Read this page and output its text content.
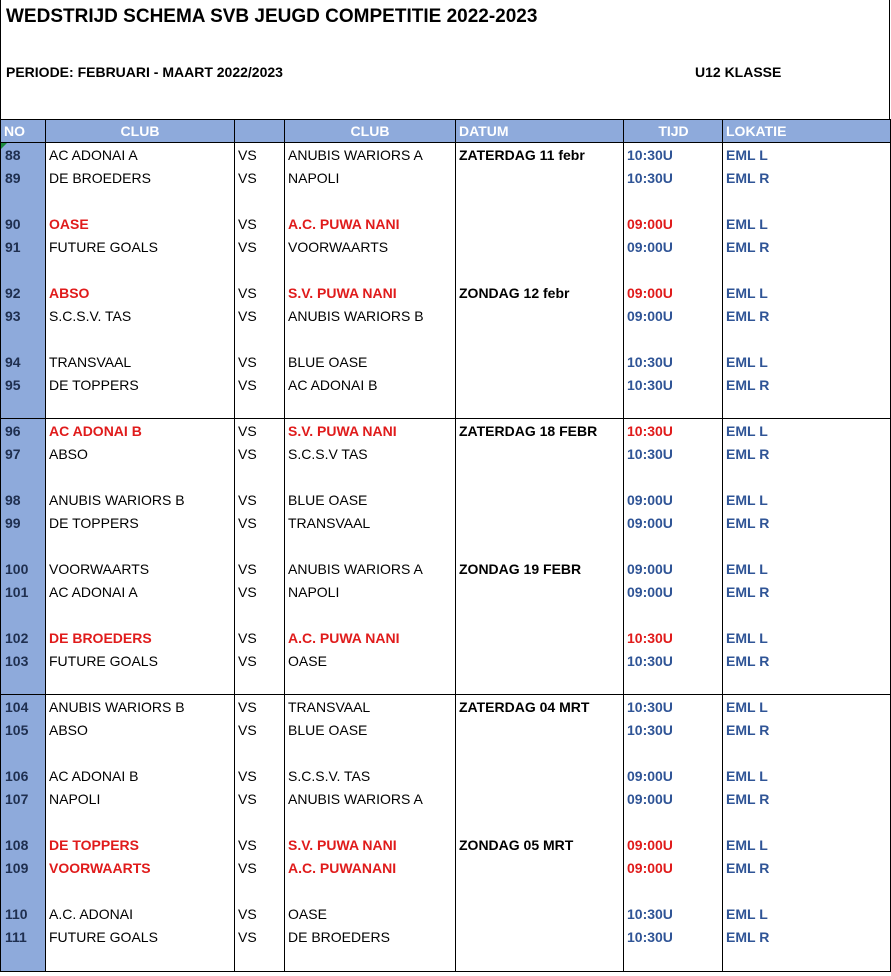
WEDSTRIJD SCHEMA SVB JEUGD COMPETITIE 2022-2023
PERIODE: FEBRUARI - MAART 2022/2023	U12 KLASSE
NO	CLUB	CLUB	DATUM	TIJD	LOKATIE
88 AC ADONAI A	VS ANUBIS WARIORS A	ZATERDAG 11 febr	10:30U	EML L
89 DE BROEDERS	VS NAPOLI	10:30U	EML R
90 OASE	VS A.C. PUWA NANI	09:00U	EML L
91 FUTURE GOALS	VS VOORWAARTS	09:00U	EML R
92 ABSO	VS S.V. PUWA NANI	ZONDAG 12 febr	09:00U	EML L
93 S.C.S.V. TAS	VS ANUBIS WARIORS B	09:00U	EML R
94 TRANSVAAL	VS BLUE OASE	10:30U	EML L
95 DE TOPPERS	VS AC ADONAI B	10:30U	EML R
96 AC ADONAI B	VS S.V. PUWA NANI	ZATERDAG 18 FEBR 10:30U	EML L
97 ABSO	VS S.C.S.V TAS	10:30U	EML R
98 ANUBIS WARIORS B	VS BLUE OASE	09:00U	EML L
99 DE TOPPERS	VS TRANSVAAL	09:00U	EML R
100 VOORWAARTS	VS ANUBIS WARIORS A	ZONDAG 19 FEBR	09:00U	EML L
101 AC ADONAI A	VS NAPOLI	09:00U	EML R
102 DE BROEDERS	VS A.C. PUWA NANI	10:30U	EML L
103 FUTURE GOALS	VS OASE	10:30U	EML R
104 ANUBIS WARIORS B	VS TRANSVAAL	ZATERDAG 04 MRT	10:30U	EML L
105 ABSO	VS BLUE OASE	10:30U	EML R
106 AC ADONAI B	VS S.C.S.V. TAS	09:00U	EML L
107 NAPOLI	VS ANUBIS WARIORS A	09:00U	EML R
108 DE TOPPERS	VS S.V. PUWA NANI	ZONDAG 05 MRT	09:00U	EML L
109 VOORWAARTS	VS A.C. PUWANANI	09:00U	EML R
110 A.C. ADONAI	VS OASE	10:30U	EML L
111 FUTURE GOALS	VS DE BROEDERS	10:30U	EML R
